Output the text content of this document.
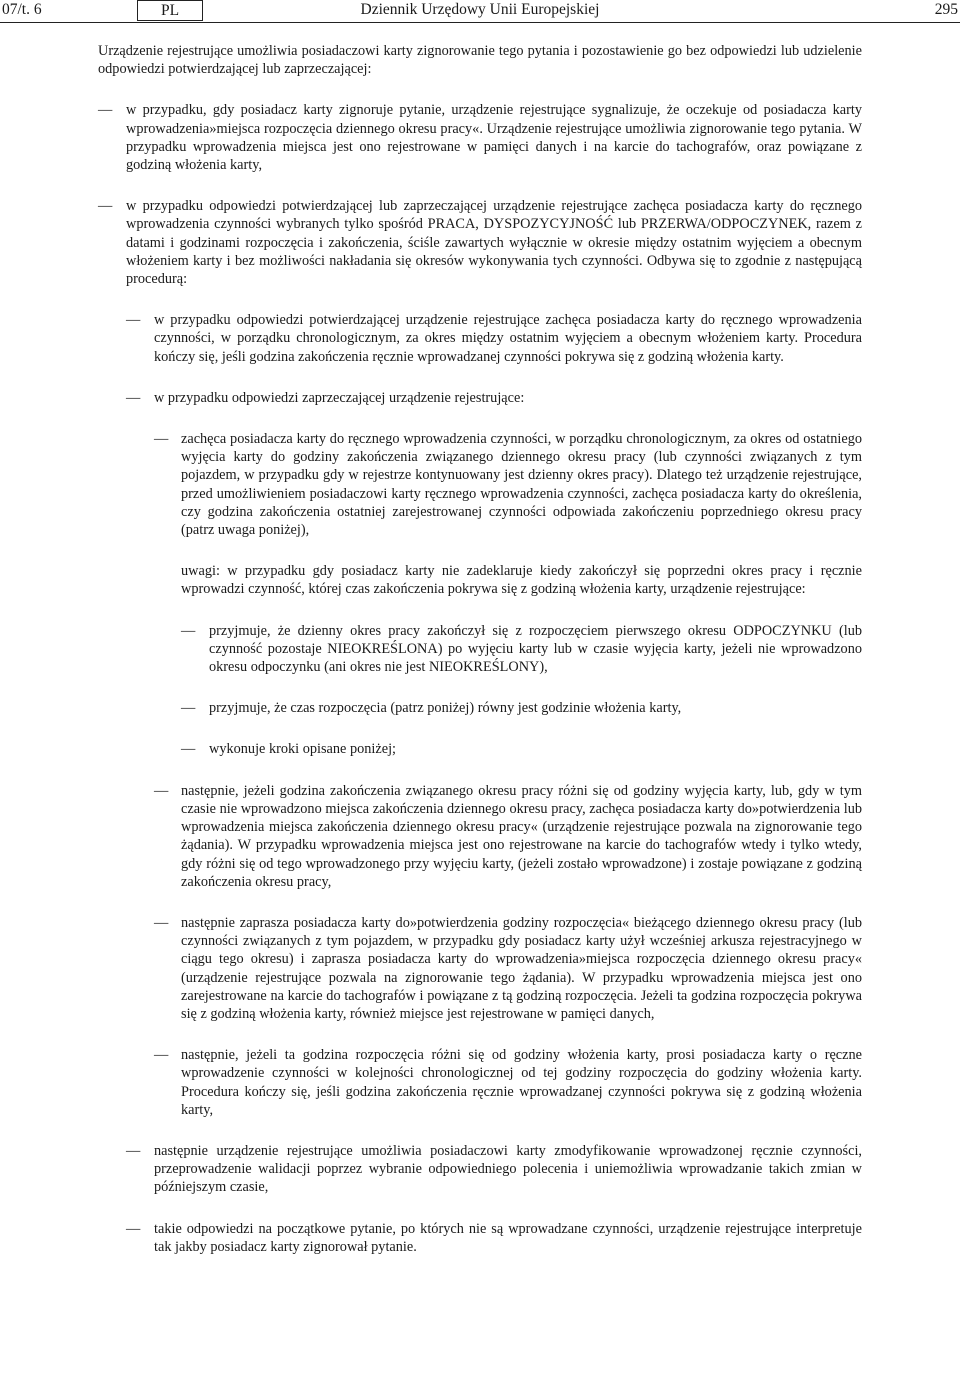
07/t. 6	PL	Dziennik Urzędowy Unii Europejskiej	295

Urządzenie rejestrujące umożliwia posiadaczowi karty zignorowanie tego pytania i pozostawienie go bez odpowiedzi lub udzielenie odpowiedzi potwierdzającej lub zaprzeczającej:

— w przypadku, gdy posiadacz karty zignoruje pytanie, urządzenie rejestrujące sygnalizuje, że oczekuje od posiadacza karty wprowadzenia»miejsca rozpoczęcia dziennego okresu pracy«. Urządzenie rejestrujące umożliwia zignorowanie tego pytania. W przypadku wprowadzenia miejsca jest ono rejestrowane w pamięci danych i na karcie do tachografów, oraz powiązane z godziną włożenia karty,

— w przypadku odpowiedzi potwierdzającej lub zaprzeczającej urządzenie rejestrujące zachęca posiadacza karty do ręcznego wprowadzenia czynności wybranych tylko spośród PRACA, DYSPOZYCYJNOŚĆ lub PRZERWA/ODPOCZYNEK, razem z datami i godzinami rozpoczęcia i zakończenia, ściśle zawartych wyłącznie w okresie między ostatnim wyjęciem a obecnym włożeniem karty i bez możliwości nakładania się okresów wykonywania tych czynności. Odbywa się to zgodnie z następującą procedurą:

— w przypadku odpowiedzi potwierdzającej urządzenie rejestrujące zachęca posiadacza karty do ręcznego wprowadzenia czynności, w porządku chronologicznym, za okres między ostatnim wyjęciem a obecnym włożeniem karty. Procedura kończy się, jeśli godzina zakończenia ręcznie wprowadzanej czynności pokrywa się z godziną włożenia karty.

— w przypadku odpowiedzi zaprzeczającej urządzenie rejestrujące:

— zachęca posiadacza karty do ręcznego wprowadzenia czynności, w porządku chronologicznym, za okres od ostatniego wyjęcia karty do godziny zakończenia związanego dziennego okresu pracy (lub czynności związanych z tym pojazdem, w przypadku gdy w rejestrze kontynuowany jest dzienny okres pracy). Dlatego też urządzenie rejestrujące, przed umożliwieniem posiadaczowi karty ręcznego wprowadzenia czynności, zachęca posiadacza karty do określenia, czy godzina zakończenia ostatniej zarejestrowanej czynności odpowiada zakończeniu poprzedniego okresu pracy (patrz uwaga poniżej),

uwagi: w przypadku gdy posiadacz karty nie zadeklaruje kiedy zakończył się poprzedni okres pracy i ręcznie wprowadzi czynność, której czas zakończenia pokrywa się z godziną włożenia karty, urządzenie rejestrujące:

— przyjmuje, że dzienny okres pracy zakończył się z rozpoczęciem pierwszego okresu ODPOCZYNKU (lub czynność pozostaje NIEOKREŚLONA) po wyjęciu karty lub w czasie wyjęcia karty, jeżeli nie wprowadzono okresu odpoczynku (ani okres nie jest NIEOKREŚLONY),

— przyjmuje, że czas rozpoczęcia (patrz poniżej) równy jest godzinie włożenia karty,

— wykonuje kroki opisane poniżej;

— następnie, jeżeli godzina zakończenia związanego okresu pracy różni się od godziny wyjęcia karty, lub, gdy w tym czasie nie wprowadzono miejsca zakończenia dziennego okresu pracy, zachęca posiadacza karty do»potwierdzenia lub wprowadzenia miejsca zakończenia dziennego okresu pracy« (urządzenie rejestrujące pozwala na zignorowanie tego żądania). W przypadku wprowadzenia miejsca jest ono rejestrowane na karcie do tachografów wtedy i tylko wtedy, gdy różni się od tego wprowadzonego przy wyjęciu karty, (jeżeli zostało wprowadzone) i zostaje powiązane z godziną zakończenia okresu pracy,

— następnie zaprasza posiadacza karty do»potwierdzenia godziny rozpoczęcia« bieżącego dziennego okresu pracy (lub czynności związanych z tym pojazdem, w przypadku gdy posiadacz karty użył wcześniej arkusza rejestracyjnego w ciągu tego okresu) i zaprasza posiadacza karty do wprowadzenia»miejsca rozpoczęcia dziennego okresu pracy« (urządzenie rejestrujące pozwala na zignorowanie tego żądania). W przypadku wprowadzenia miejsca jest ono zarejestrowane na karcie do tachografów i powiązane z tą godziną rozpoczęcia. Jeżeli ta godzina rozpoczęcia pokrywa się z godziną włożenia karty, również miejsce jest rejestrowane w pamięci danych,

— następnie, jeżeli ta godzina rozpoczęcia różni się od godziny włożenia karty, prosi posiadacza karty o ręczne wprowadzenie czynności w kolejności chronologicznej od tej godziny rozpoczęcia do godziny włożenia karty. Procedura kończy się, jeśli godzina zakończenia ręcznie wprowadzanej czynności pokrywa się z godziną włożenia karty,

— następnie urządzenie rejestrujące umożliwia posiadaczowi karty zmodyfikowanie wprowadzonej ręcznie czynności, przeprowadzenie walidacji poprzez wybranie odpowiedniego polecenia i uniemożliwia wprowadzanie takich zmian w późniejszym czasie,

— takie odpowiedzi na początkowe pytanie, po których nie są wprowadzane czynności, urządzenie rejestrujące interpretuje tak jakby posiadacz karty zignorował pytanie.
